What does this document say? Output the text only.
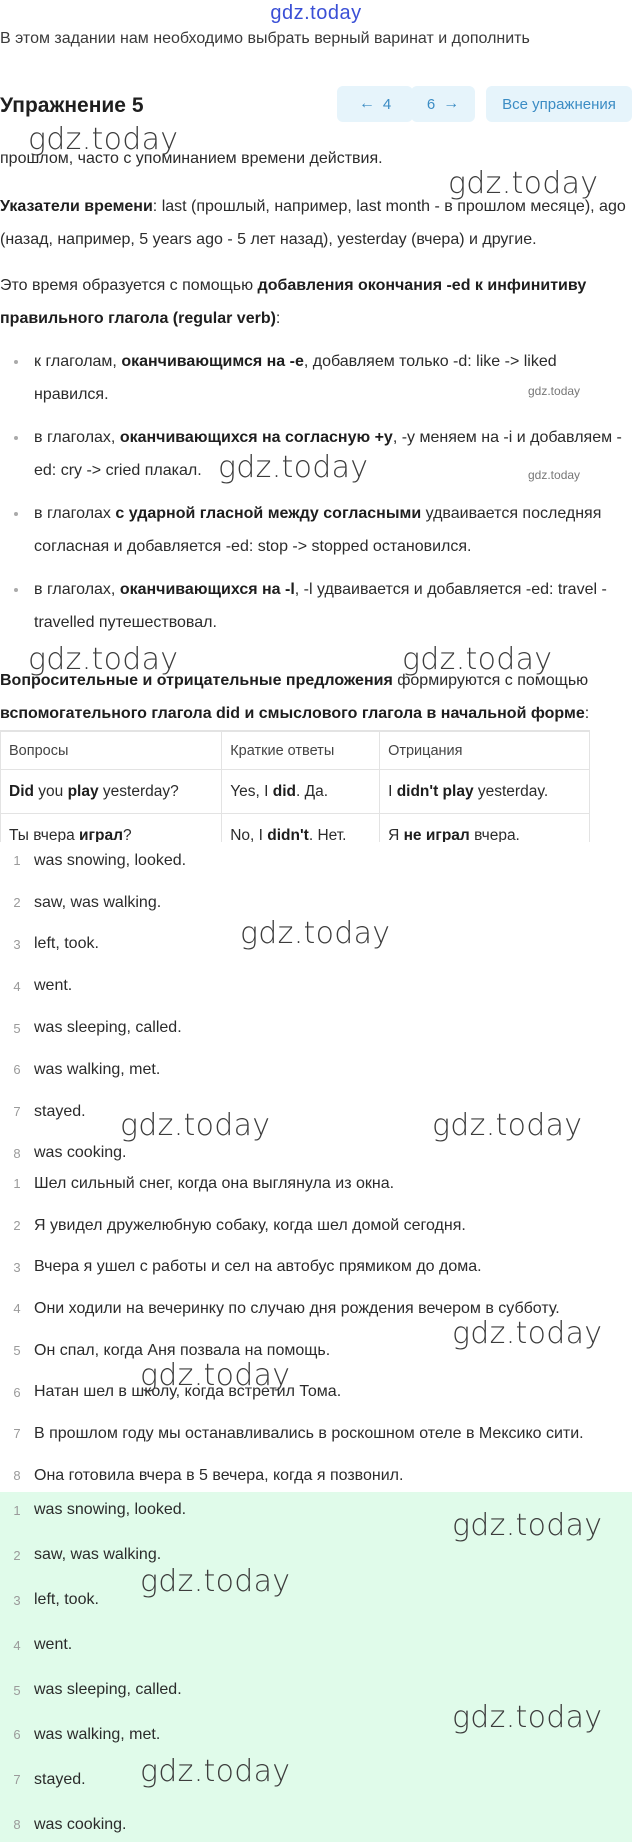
gdz.today
В этом задании нам необходимо выбрать верный варинат и дополнить
Упражнение 5	← 4 6 →	Все упражнения
прошлом, часто с упоминанием времени действия.
Указатели времени: last (прошлый, например, last month - в прошлом месяце), ago (назад, например, 5 years ago - 5 лет назад), yesterday (вчера) и другие.
Это время образуется с помощью добавления окончания -ed к инфинитиву правильного глагола (regular verb):
к глаголам, оканчивающимся на -e, добавляем только -d: like -> liked нравился.
в глаголах, оканчивающихся на согласную +y, -y меняем на -i и добавляем -ed: cry -> cried плакал.
в глаголах с ударной гласной между согласными удваивается последняя согласная и добавляется -ed: stop -> stopped остановился.
в глаголах, оканчивающихся на -l, -l удваивается и добавляется -ed: travel - travelled путешествовал.
Вопросительные и отрицательные предложения формируются с помощью вспомогательного глагола did и смыслового глагола в начальной форме:
Вопросы	Краткие ответы	Отрицания
Did you play yesterday?	Yes, I did. Да.	I didn't play yesterday.
Ты вчера играл?	No, I didn't. Нет.	Я не играл вчера.
1 was snowing, looked.
2 saw, was walking.
3 left, took.
4 went.
5 was sleeping, called.
6 was walking, met.
7 stayed.
8 was cooking.
1 Шел сильный снег, когда она выглянула из окна.
2 Я увидел дружелюбную собаку, когда шел домой сегодня.
3 Вчера я ушел с работы и сел на автобус прямиком до дома.
4 Они ходили на вечеринку по случаю дня рождения вечером в субботу.
5 Он спал, когда Аня позвала на помощь.
6 Натан шел в школу, когда встретил Тома.
7 В прошлом году мы останавливались в роскошном отеле в Мексико сити.
8 Она готовила вчера в 5 вечера, когда я позвонил.
1 was snowing, looked.
2 saw, was walking.
3 left, took.
4 went.
5 was sleeping, called.
6 was walking, met.
7 stayed.
8 was cooking.
gdz.today
gdz.today
gdz.today
gdz.today	gdz.today
gdz.today	gdz.today
gdz.today
gdz.today	gdz.today
gdz.today
gdz.today
gdz.today
gdz.today
gdz.today
gdz.today
